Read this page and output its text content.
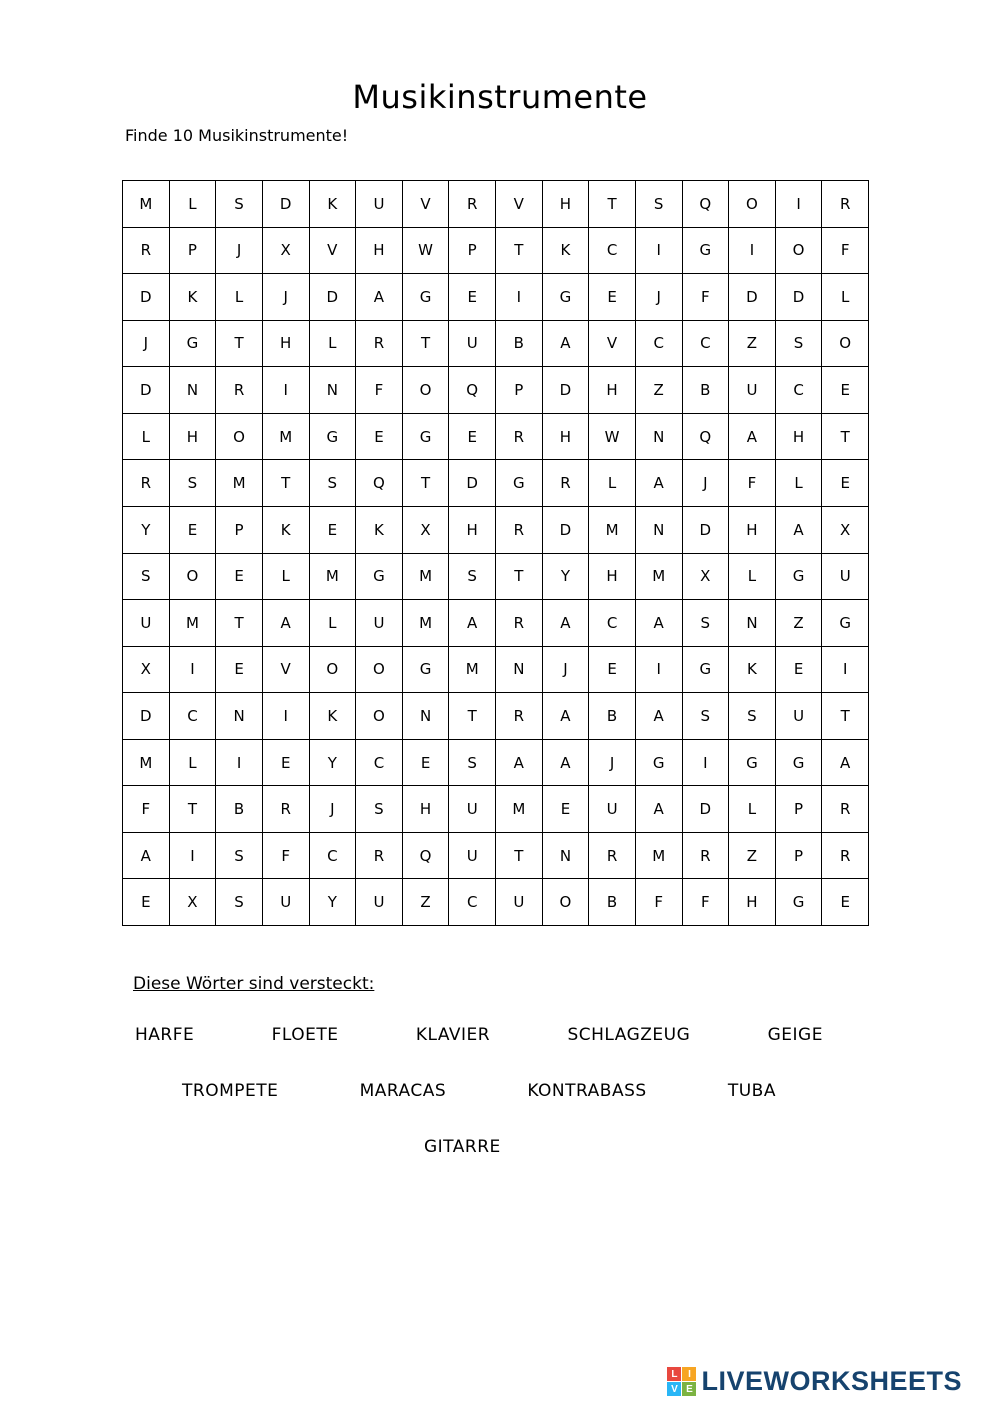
Musikinstrumente
Finde 10 Musikinstrumente!
M	L	S	D	K	U	V	R	V	H	T	S	Q	O	I	R
R	P	J	X	V	H	W	P	T	K	C	I	G	I	O	F
D	K	L	J	D	A	G	E	I	G	E	J	F	D	D	L
J	G	T	H	L	R	T	U	B	A	V	C	C	Z	S	O
D	N	R	I	N	F	O	Q	P	D	H	Z	B	U	C	E
L	H	O	M	G	E	G	E	R	H	W	N	Q	A	H	T
R	S	M	T	S	Q	T	D	G	R	L	A	J	F	L	E
Y	E	P	K	E	K	X	H	R	D	M	N	D	H	A	X
S	O	E	L	M	G	M	S	T	Y	H	M	X	L	G	U
U	M	T	A	L	U	M	A	R	A	C	A	S	N	Z	G
X	I	E	V	O	O	G	M	N	J	E	I	G	K	E	I
D	C	N	I	K	O	N	T	R	A	B	A	S	S	U	T
M	L	I	E	Y	C	E	S	A	A	J	G	I	G	G	A
F	T	B	R	J	S	H	U	M	E	U	A	D	L	P	R
A	I	S	F	C	R	Q	U	T	N	R	M	R	Z	P	R
E	X	S	U	Y	U	Z	C	U	O	B	F	F	H	G	E
Diese Wörter sind versteckt:
HARFE	FLOETE	KLAVIER	SCHLAGZEUG	GEIGE
TROMPETE	MARACAS	KONTRABASS	TUBA
GITARRE
L	I
V E LIVEWORKSHEETS
